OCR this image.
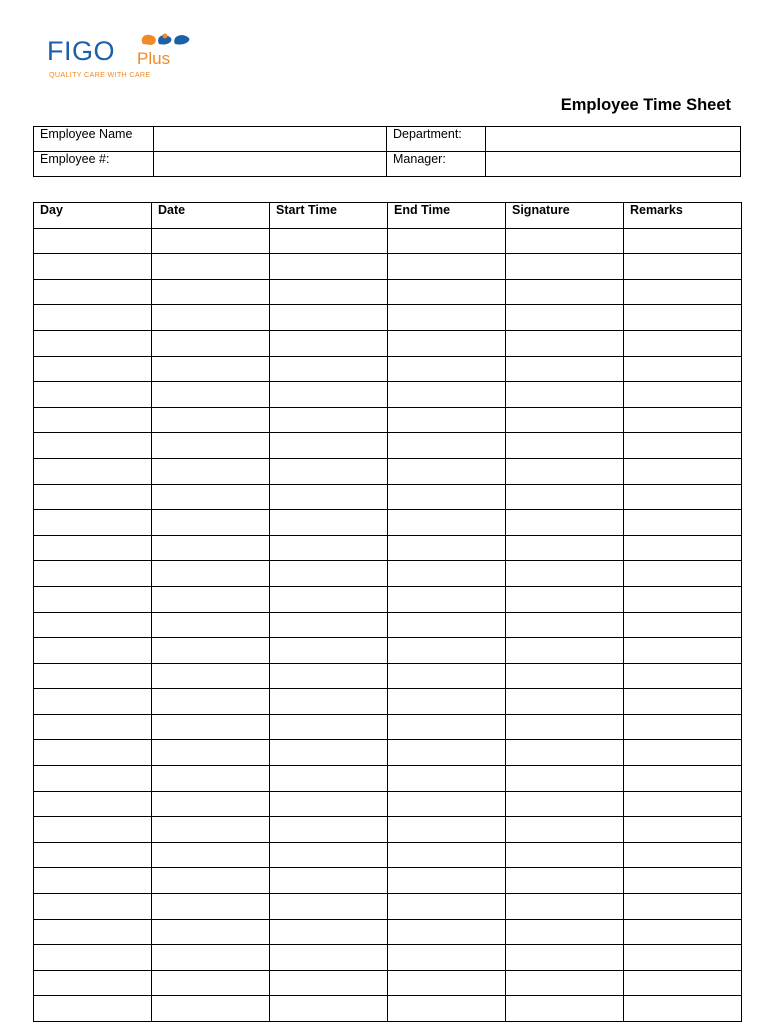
FIGO Plus
QUALITY CARE WITH CARE
Employee Time Sheet
Employee Name		Department:	
Employee #:		Manager:	
Day	Date	Start Time	End Time	Signature	Remarks
